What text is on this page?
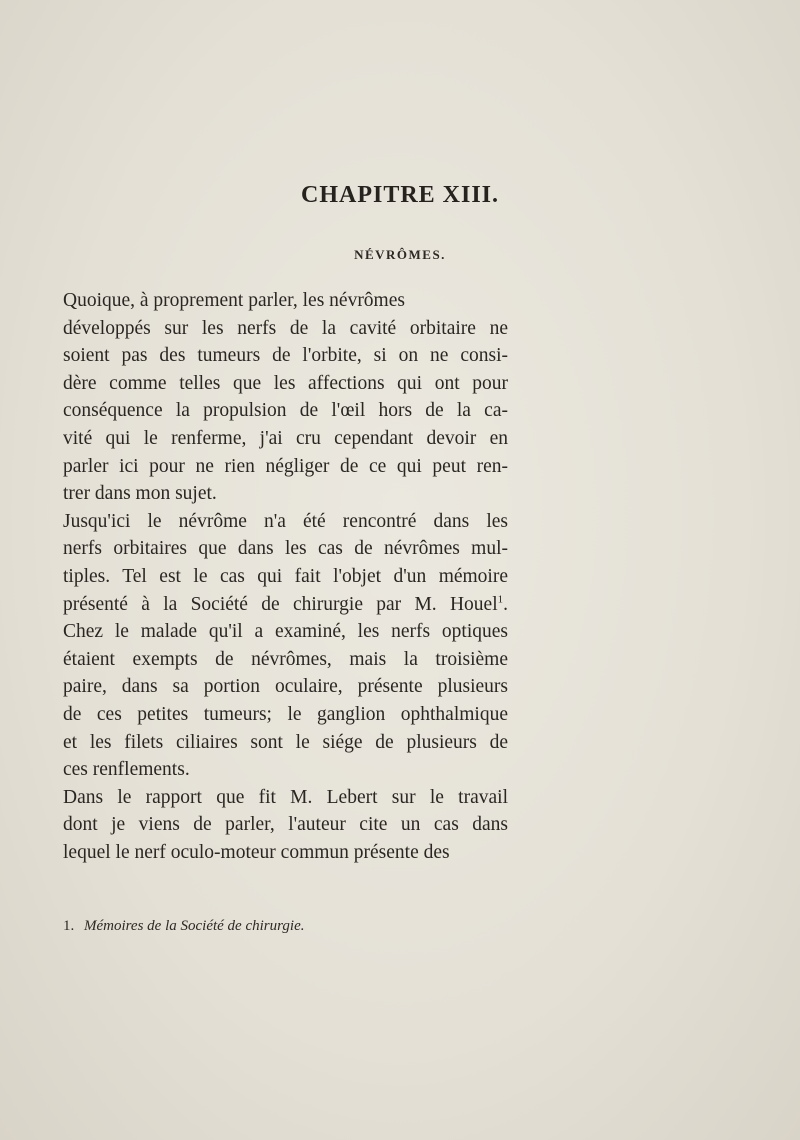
CHAPITRE XIII.
NÉVRÔMES.
Quoique, à proprement parler, les névrômes
développés sur les nerfs de la cavité orbitaire ne
soient pas des tumeurs de l'orbite, si on ne consi-
dère comme telles que les affections qui ont pour
conséquence la propulsion de l'œil hors de la ca-
vité qui le renferme, j'ai cru cependant devoir en
parler ici pour ne rien négliger de ce qui peut ren-
trer dans mon sujet.
Jusqu'ici le névrôme n'a été rencontré dans les
nerfs orbitaires que dans les cas de névrômes mul-
tiples. Tel est le cas qui fait l'objet d'un mémoire
présenté à la Société de chirurgie par M. Houel$^1$.
Chez le malade qu'il a examiné, les nerfs optiques
étaient exempts de névrômes, mais la troisième
paire, dans sa portion oculaire, présente plusieurs
de ces petites tumeurs; le ganglion ophthalmique
et les filets ciliaires sont le siége de plusieurs de
ces renflements.
Dans le rapport que fit M. Lebert sur le travail
dont je viens de parler, l'auteur cite un cas dans
lequel le nerf oculo-moteur commun présente des
1. Mémoires de la Société de chirurgie.
